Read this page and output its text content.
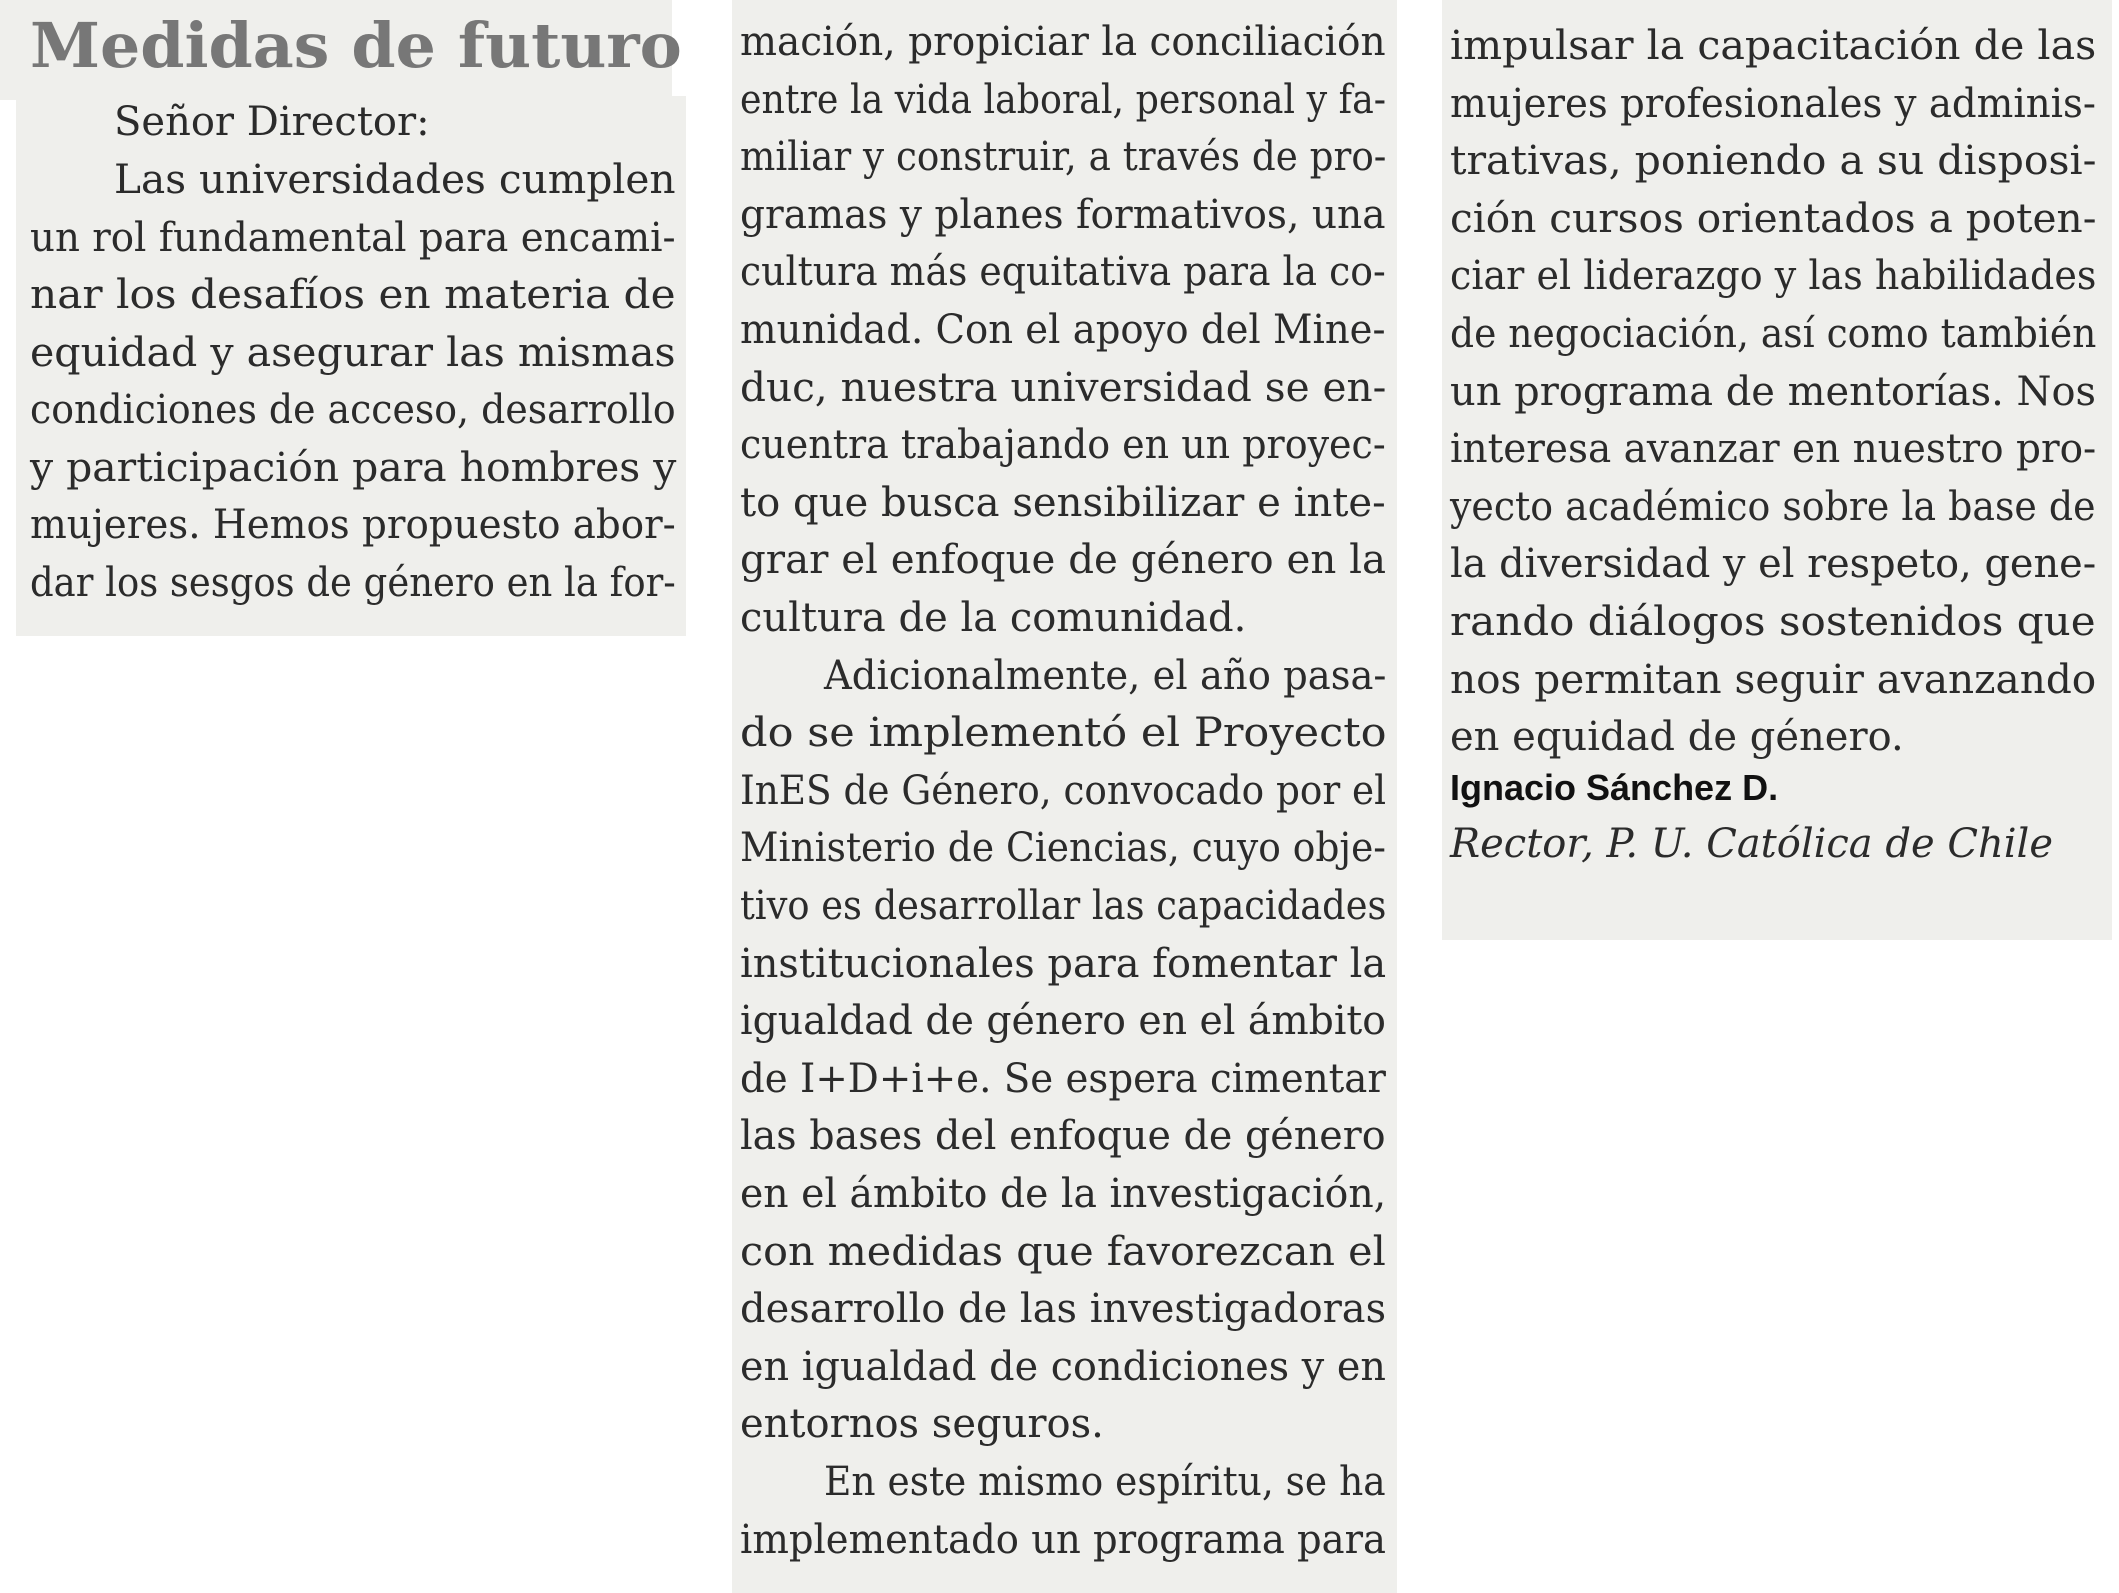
Medidas de futuro
Señor Director:
Las universidades cumplen
un rol fundamental para encami-
nar los desafíos en materia de
equidad y asegurar las mismas
condiciones de acceso, desarrollo
y participación para hombres y
mujeres. Hemos propuesto abor-
dar los sesgos de género en la for-
mación, propiciar la conciliación
entre la vida laboral, personal y fa-
miliar y construir, a través de pro-
gramas y planes formativos, una
cultura más equitativa para la co-
munidad. Con el apoyo del Mine-
duc, nuestra universidad se en-
cuentra trabajando en un proyec-
to que busca sensibilizar e inte-
grar el enfoque de género en la
cultura de la comunidad.
Adicionalmente, el año pasa-
do se implementó el Proyecto
InES de Género, convocado por el
Ministerio de Ciencias, cuyo obje-
tivo es desarrollar las capacidades
institucionales para fomentar la
igualdad de género en el ámbito
de I+D+i+e. Se espera cimentar
las bases del enfoque de género
en el ámbito de la investigación,
con medidas que favorezcan el
desarrollo de las investigadoras
en igualdad de condiciones y en
entornos seguros.
En este mismo espíritu, se ha
implementado un programa para
impulsar la capacitación de las
mujeres profesionales y adminis-
trativas, poniendo a su disposi-
ción cursos orientados a poten-
ciar el liderazgo y las habilidades
de negociación, así como también
un programa de mentorías. Nos
interesa avanzar en nuestro pro-
yecto académico sobre la base de
la diversidad y el respeto, gene-
rando diálogos sostenidos que
nos permitan seguir avanzando
en equidad de género.
Ignacio Sánchez D.
Rector, P. U. Católica de Chile
